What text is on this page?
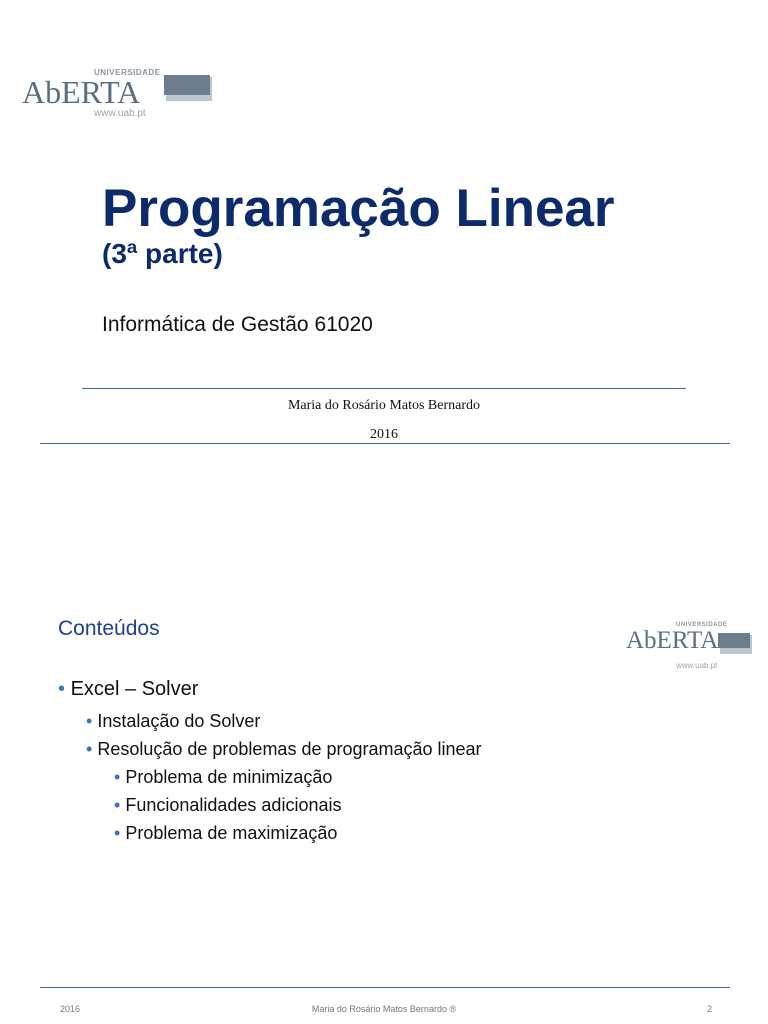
UNIVERSIDADE
AbERTA
www.uab.pt
Programação Linear
(3ª parte)
Informática de Gestão 61020
Maria do Rosário Matos Bernardo
2016
Conteúdos	UNIVERSIDADE
AbERTA
www.uab.pt
• Excel – Solver
• Instalação do Solver
• Resolução de problemas de programação linear
• Problema de minimização
• Funcionalidades adicionais
• Problema de maximização
2016	Maria do Rosário Matos Bernardo ®	2
